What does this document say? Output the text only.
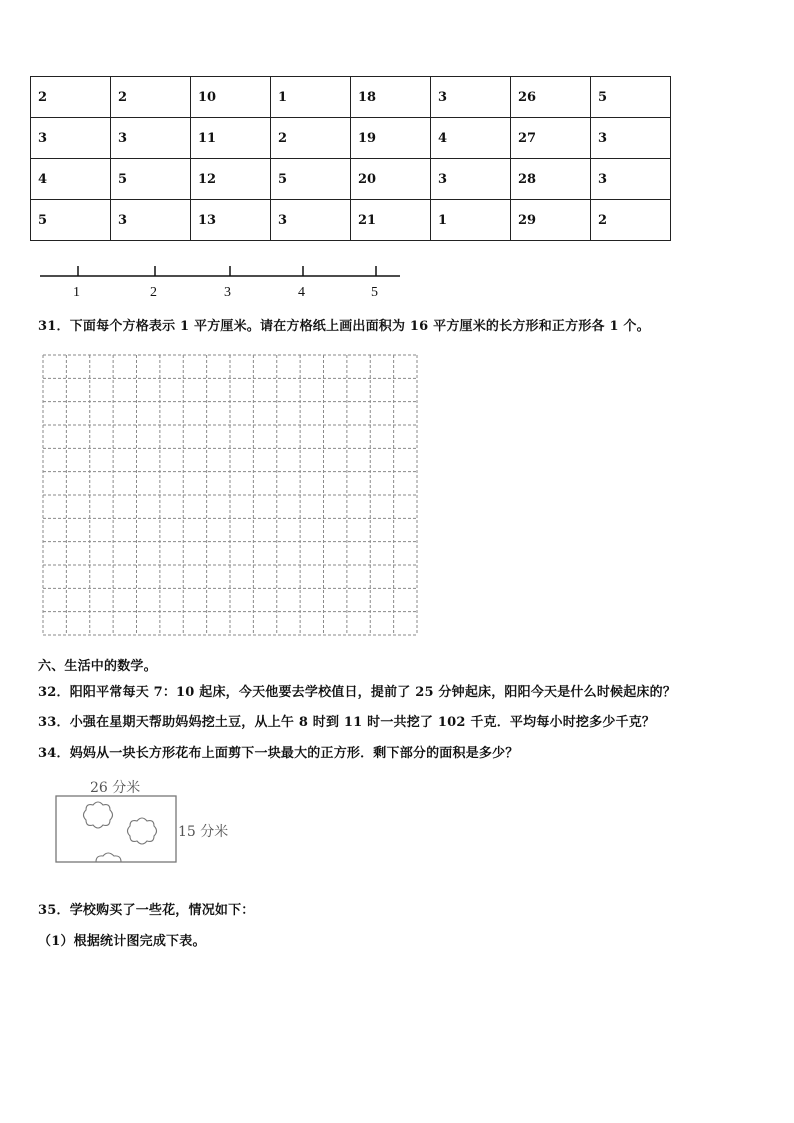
2	2	10	1	18	3	26	5
3	3	11	2	19	4	27	3
4	5	12	5	20	3	28	3
5	3	13	3	21	1	29	2
1	2	3	4	5
31．下面每个方格表示 1 平方厘米。请在方格纸上画出面积为 16 平方厘米的长方形和正方形各 1 个。
六、生活中的数学。
32．阳阳平常每天 7：10 起床，今天他要去学校值日，提前了 25 分钟起床，阳阳今天是什么时候起床的？
33．小强在星期天帮助妈妈挖土豆，从上午 8 时到 11 时一共挖了 102 千克．平均每小时挖多少千克？
34．妈妈从一块长方形花布上面剪下一块最大的正方形．剩下部分的面积是多少？
26 分米
15 分米
35．学校购买了一些花，情况如下：
（1）根据统计图完成下表。
